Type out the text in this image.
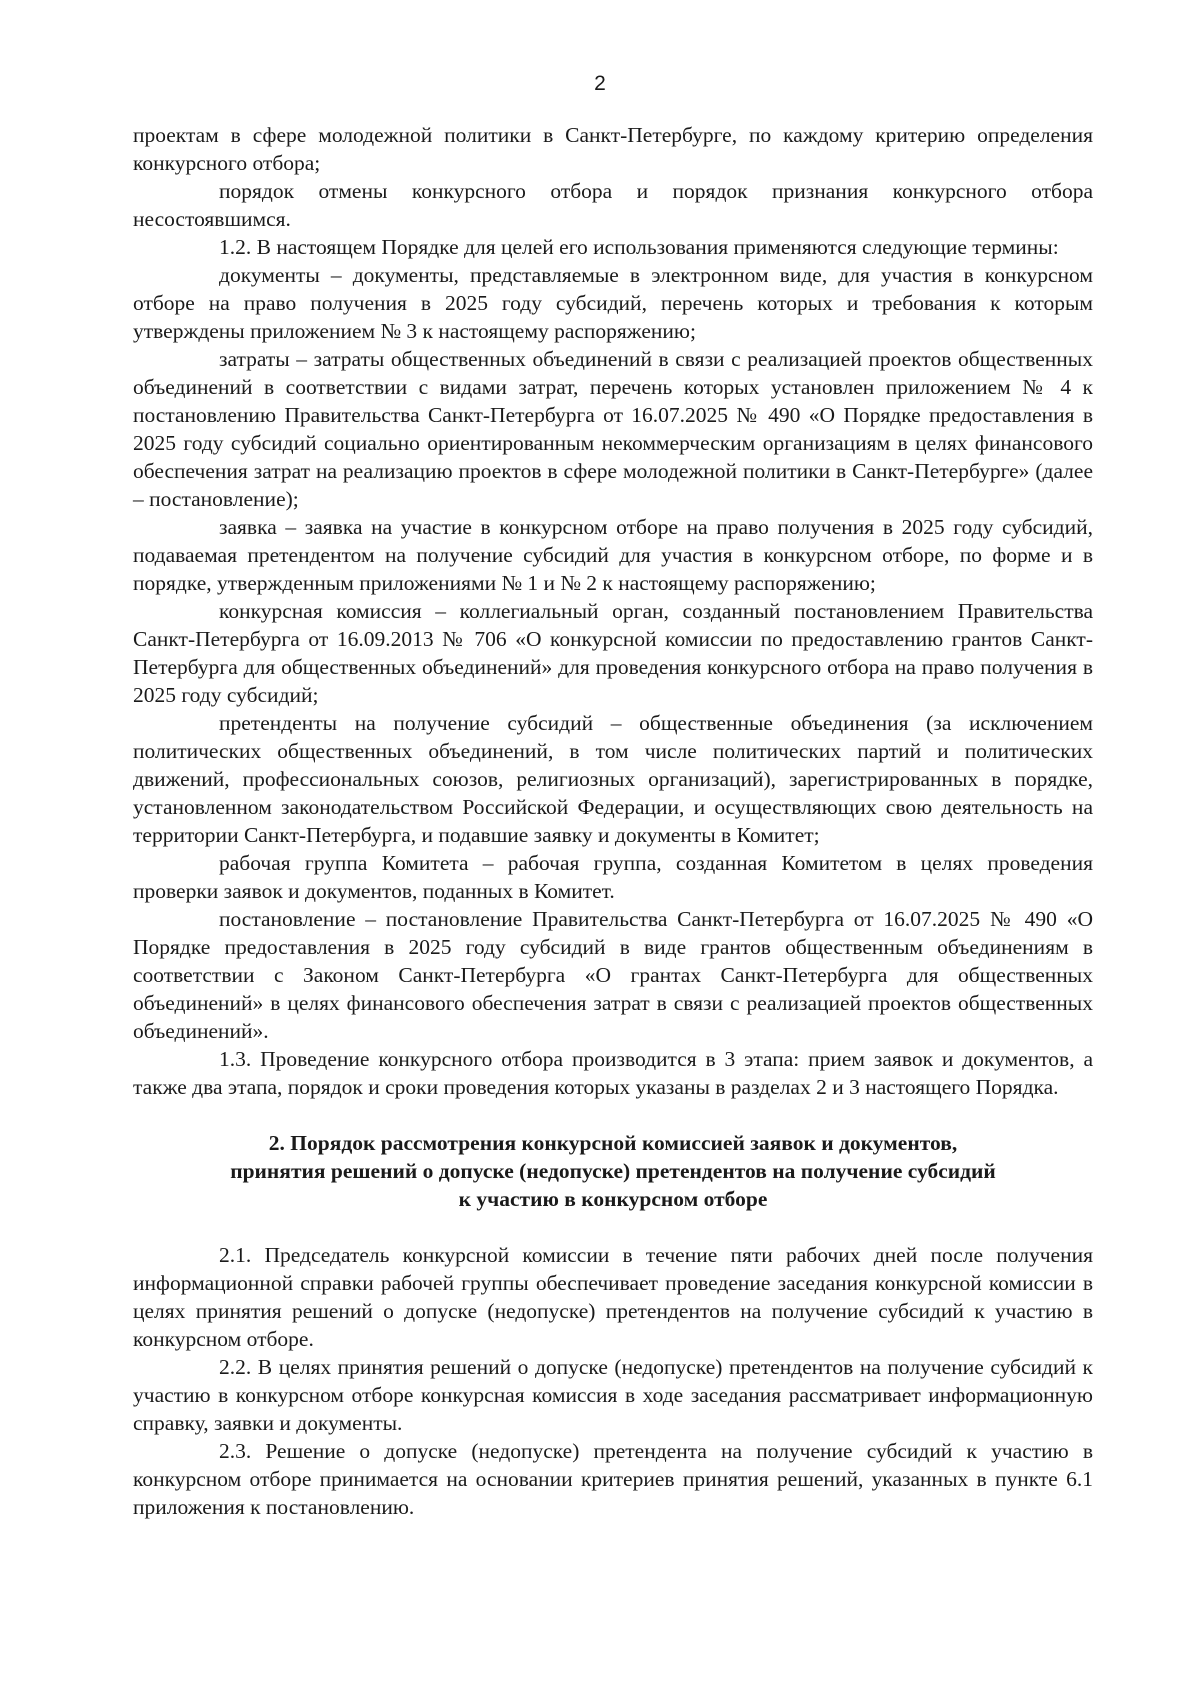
2

проектам в сфере молодежной политики в Санкт-Петербурге, по каждому критерию определения конкурсного отбора;

порядок отмены конкурсного отбора и порядок признания конкурсного отбора несостоявшимся.

1.2. В настоящем Порядке для целей его использования применяются следующие термины:

документы – документы, представляемые в электронном виде, для участия в конкурсном отборе на право получения в 2025 году субсидий, перечень которых и требования к которым утверждены приложением № 3 к настоящему распоряжению;

затраты – затраты общественных объединений в связи с реализацией проектов общественных объединений в соответствии с видами затрат, перечень которых установлен приложением № 4 к постановлению Правительства Санкт-Петербурга от 16.07.2025 № 490 «О Порядке предоставления в 2025 году субсидий социально ориентированным некоммерческим организациям в целях финансового обеспечения затрат на реализацию проектов в сфере молодежной политики в Санкт-Петербурге» (далее – постановление);

заявка – заявка на участие в конкурсном отборе на право получения в 2025 году субсидий, подаваемая претендентом на получение субсидий для участия в конкурсном отборе, по форме и в порядке, утвержденным приложениями № 1 и № 2 к настоящему распоряжению;

конкурсная комиссия – коллегиальный орган, созданный постановлением Правительства Санкт-Петербурга от 16.09.2013 № 706 «О конкурсной комиссии по предоставлению грантов Санкт-Петербурга для общественных объединений» для проведения конкурсного отбора на право получения в 2025 году субсидий;

претенденты на получение субсидий – общественные объединения (за исключением политических общественных объединений, в том числе политических партий и политических движений, профессиональных союзов, религиозных организаций), зарегистрированных в порядке, установленном законодательством Российской Федерации, и осуществляющих свою деятельность на территории Санкт-Петербурга, и подавшие заявку и документы в Комитет;

рабочая группа Комитета – рабочая группа, созданная Комитетом в целях проведения проверки заявок и документов, поданных в Комитет.

постановление – постановление Правительства Санкт-Петербурга от 16.07.2025 № 490 «О Порядке предоставления в 2025 году субсидий в виде грантов общественным объединениям в соответствии с Законом Санкт-Петербурга «О грантах Санкт-Петербурга для общественных объединений» в целях финансового обеспечения затрат в связи с реализацией проектов общественных объединений».

1.3. Проведение конкурсного отбора производится в 3 этапа: прием заявок и документов, а также два этапа, порядок и сроки проведения которых указаны в разделах 2 и 3 настоящего Порядка.

2. Порядок рассмотрения конкурсной комиссией заявок и документов,
принятия решений о допуске (недопуске) претендентов на получение субсидий
к участию в конкурсном отборе

2.1. Председатель конкурсной комиссии в течение пяти рабочих дней после получения информационной справки рабочей группы обеспечивает проведение заседания конкурсной комиссии в целях принятия решений о допуске (недопуске) претендентов на получение субсидий к участию в конкурсном отборе.

2.2. В целях принятия решений о допуске (недопуске) претендентов на получение субсидий к участию в конкурсном отборе конкурсная комиссия в ходе заседания рассматривает информационную справку, заявки и документы.

2.3. Решение о допуске (недопуске) претендента на получение субсидий к участию в конкурсном отборе принимается на основании критериев принятия решений, указанных в пункте 6.1 приложения к постановлению.
